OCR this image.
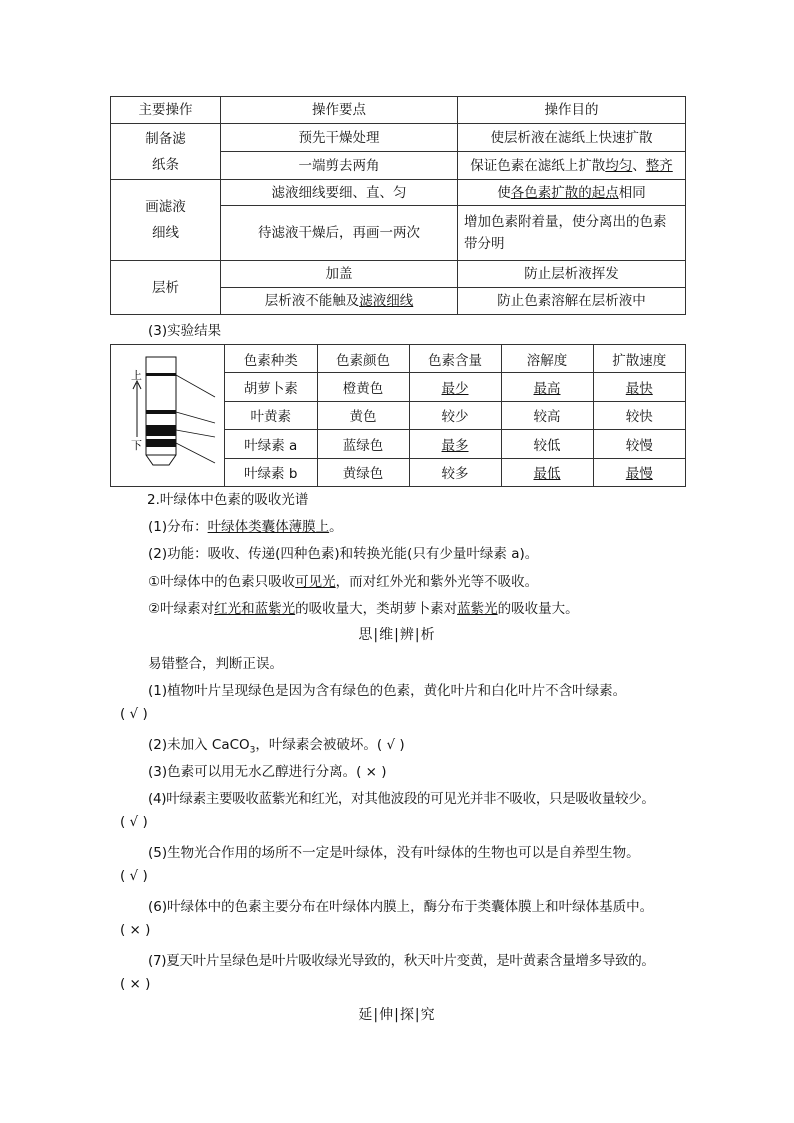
主要操作	操作要点	操作目的

制备滤
纸条	预先干燥处理	使层析液在滤纸上快速扩散
	一端剪去两角	保证色素在滤纸上扩散均匀、整齐

画滤液
细线	滤液细线要细、直、匀	使各色素扩散的起点相同
	待滤液干燥后，再画一两次	增加色素附着量，使分离出的色素
带分明

层析	加盖	防止层析液挥发
	层析液不能触及滤液细线	防止色素溶解在层析液中
(3)实验结果
上
下
色素种类	色素颜色	色素含量	溶解度	扩散速度
胡萝卜素	橙黄色	最少	最高	最快
叶黄素	黄色	较少	较高	较快
叶绿素 a	蓝绿色	最多	较低	较慢
叶绿素 b	黄绿色	较多	最低	最慢
2.叶绿体中色素的吸收光谱
(1)分布：叶绿体类囊体薄膜上。
(2)功能：吸收、传递(四种色素)和转换光能(只有少量叶绿素 a)。
①叶绿体中的色素只吸收可见光，而对红外光和紫外光等不吸收。
②叶绿素对红光和蓝紫光的吸收量大，类胡萝卜素对蓝紫光的吸收量大。
思|维|辨|析
易错整合，判断正误。
(1)植物叶片呈现绿色是因为含有绿色的色素，黄化叶片和白化叶片不含叶绿素。
( √ )
(2)未加入 CaCO$_3$，叶绿素会被破坏。( √ )
(3)色素可以用无水乙醇进行分离。( × )
(4)叶绿素主要吸收蓝紫光和红光，对其他波段的可见光并非不吸收，只是吸收量较少。
( √ )
(5)生物光合作用的场所不一定是叶绿体，没有叶绿体的生物也可以是自养型生物。
( √ )
(6)叶绿体中的色素主要分布在叶绿体内膜上，酶分布于类囊体膜上和叶绿体基质中。
( × )
(7)夏天叶片呈绿色是叶片吸收绿光导致的，秋天叶片变黄，是叶黄素含量增多导致的。
( × )
延|伸|探|究
